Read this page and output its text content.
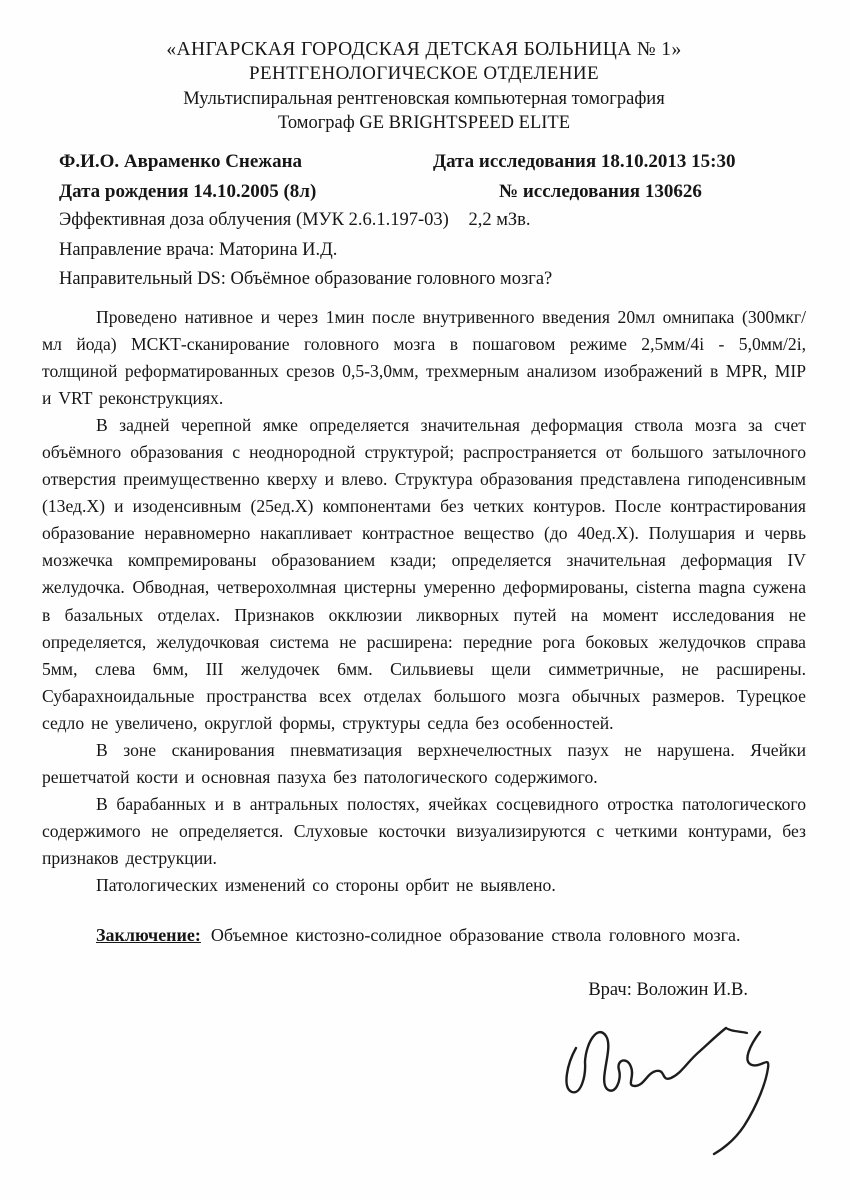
«АНГАРСКАЯ ГОРОДСКАЯ ДЕТСКАЯ БОЛЬНИЦА № 1»
РЕНТГЕНОЛОГИЧЕСКОЕ ОТДЕЛЕНИЕ
Мультиспиральная рентгеновская компьютерная томография
Томограф GE BRIGHTSPEED ELITE
Ф.И.О. Авраменко Снежана	Дата исследования 18.10.2013 15:30
Дата рождения 14.10.2005 (8л)	№ исследования 130626
Эффективная доза облучения (МУК 2.6.1.197-03) 2,2 мЗв.
Направление врача: Маторина И.Д.
Направительный DS: Объёмное образование головного мозга?

Проведено нативное и через 1мин после внутривенного введения 20мл омнипака (300мкг/мл йода) МСКТ-сканирование головного мозга в пошаговом режиме 2,5мм/4i - 5,0мм/2i, толщиной реформатированных срезов 0,5-3,0мм, трехмерным анализом изображений в MPR, MIP и VRT реконструкциях.

В задней черепной ямке определяется значительная деформация ствола мозга за счет объёмного образования с неоднородной структурой; распространяется от большого затылочного отверстия преимущественно кверху и влево. Структура образования представлена гиподенсивным (13ед.Х) и изоденсивным (25ед.Х) компонентами без четких контуров. После контрастирования образование неравномерно накапливает контрастное вещество (до 40ед.Х). Полушария и червь мозжечка компремированы образованием кзади; определяется значительная деформация IV желудочка. Обводная, четверохолмная цистерны умеренно деформированы, cisterna magna сужена в базальных отделах. Признаков окклюзии ликворных путей на момент исследования не определяется, желудочковая система не расширена: передние рога боковых желудочков справа 5мм, слева 6мм, III желудочек 6мм. Сильвиевы щели симметричные, не расширены. Субарахноидальные пространства всех отделах большого мозга обычных размеров. Турецкое седло не увеличено, округлой формы, структуры седла без особенностей.

В зоне сканирования пневматизация верхнечелюстных пазух не нарушена. Ячейки решетчатой кости и основная пазуха без патологического содержимого.

В барабанных и в антральных полостях, ячейках сосцевидного отростка патологического содержимого не определяется. Слуховые косточки визуализируются с четкими контурами, без признаков деструкции.

Патологических изменений со стороны орбит не выявлено.

Заключение: Объемное кистозно-солидное образование ствола головного мозга.

Врач: Воложин И.В.
